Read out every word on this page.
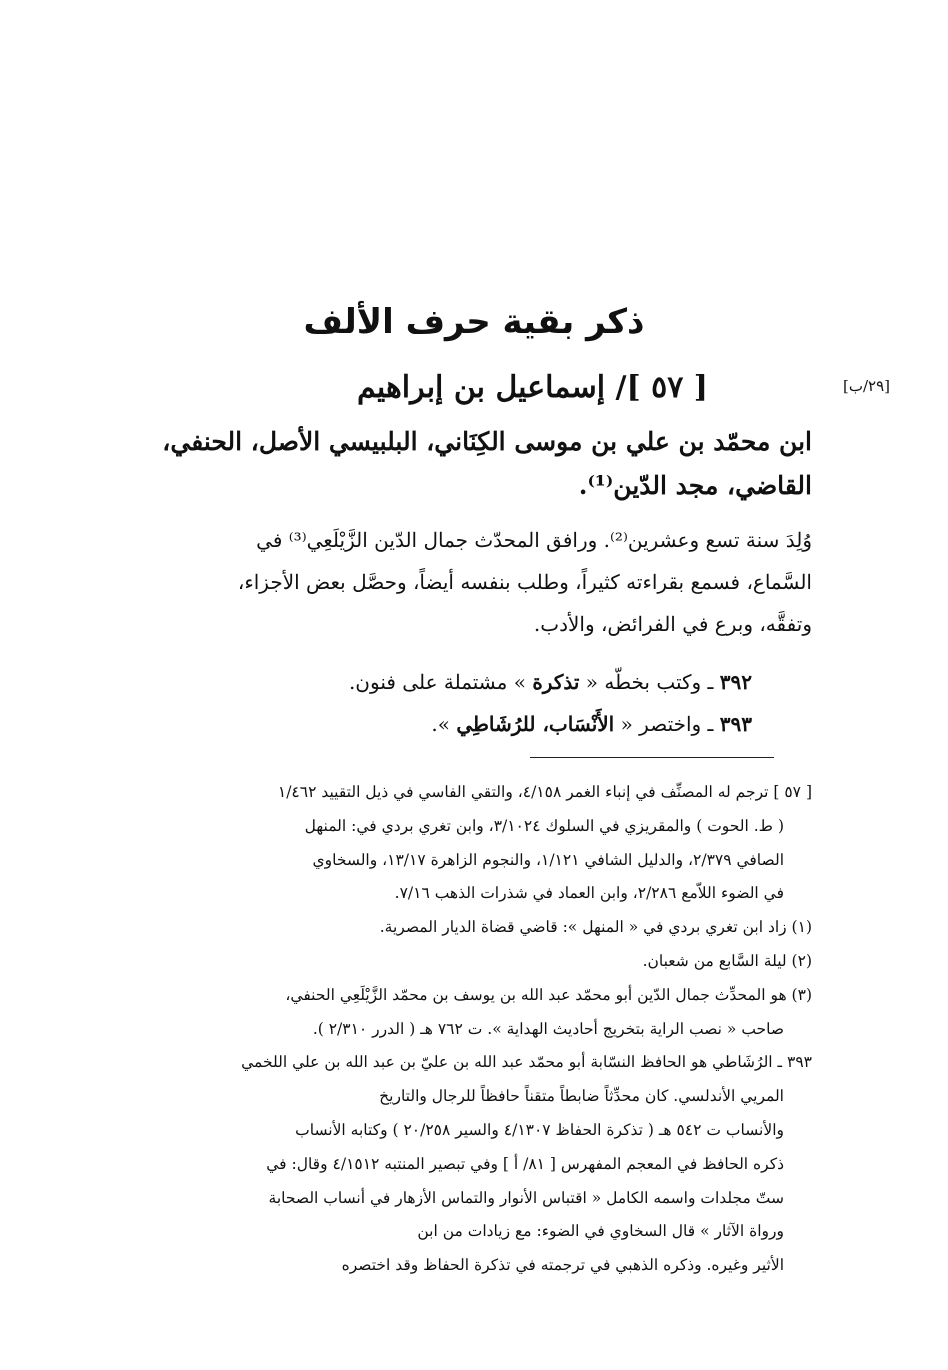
ذكر بقية حرف الألف
[٢٩/ب]
[ ٥٧ ]/ إسماعيل بن إبراهيم
ابن محمّد بن علي بن موسى الكِنَاني، البلبيسي الأصل، الحنفي،
القاضي، مجد الدّين⁽¹⁾.
وُلِدَ سنة تسع وعشرين⁽²⁾. ورافق المحدّث جمال الدّين الزَّيْلَعِي⁽³⁾ في
السَّماع، فسمع بقراءته كثيراً، وطلب بنفسه أيضاً، وحصَّل بعض الأجزاء،
وتفقَّه، وبرع في الفرائض، والأدب.
٣٩٢ ـ وكتب بخطّه « تذكرة » مشتملة على فنون.
٣٩٣ ـ واختصر « الأَنْسَاب، للرُشَاطِي ».
[ ٥٧ ] ترجم له المصنِّف في إنباء الغمر ٤/١٥٨، والتقي الفاسي في ذيل التقييد ١/٤٦٢
( ط. الحوت ) والمقريزي في السلوك ٣/١٠٢٤، وابن تغري بردي في: المنهل
الصافي ٢/٣٧٩، والدليل الشافي ١/١٢١، والنجوم الزاهرة ١٣/١٧، والسخاوي
في الضوء اللاّمع ٢/٢٨٦، وابن العماد في شذرات الذهب ٧/١٦.
(١) زاد ابن تغري بردي في « المنهل »: قاضي قضاة الديار المصرية.
(٢) ليلة السَّابع من شعبان.
(٣) هو المحدِّث جمال الدّين أبو محمّد عبد الله بن يوسف بن محمّد الزَّيْلَعِي الحنفي،
صاحب « نصب الراية بتخريج أحاديث الهداية ». ت ٧٦٢ هـ ( الدرر ٢/٣١٠ ).
٣٩٣ ـ الرُشَاطي هو الحافظ النسّابة أبو محمّد عبد الله بن عليّ بن عبد الله بن علي اللخمي
المريي الأندلسي. كان محدِّثاً ضابطاً متقناً حافظاً للرجال والتاريخ
والأنساب ت ٥٤٢ هـ ( تذكرة الحفاظ ٤/١٣٠٧ والسير ٢٠/٢٥٨ ) وكتابه الأنساب
ذكره الحافظ في المعجم المفهرس [ ٨١/ أ ] وفي تبصير المنتبه ٤/١٥١٢ وقال: في
ستّ مجلدات واسمه الكامل « اقتباس الأنوار والتماس الأزهار في أنساب الصحابة
ورواة الآثار » قال السخاوي في الضوء: مع زيادات من ابن
الأثير وغيره. وذكره الذهبي في ترجمته في تذكرة الحفاظ وقد اختصره
